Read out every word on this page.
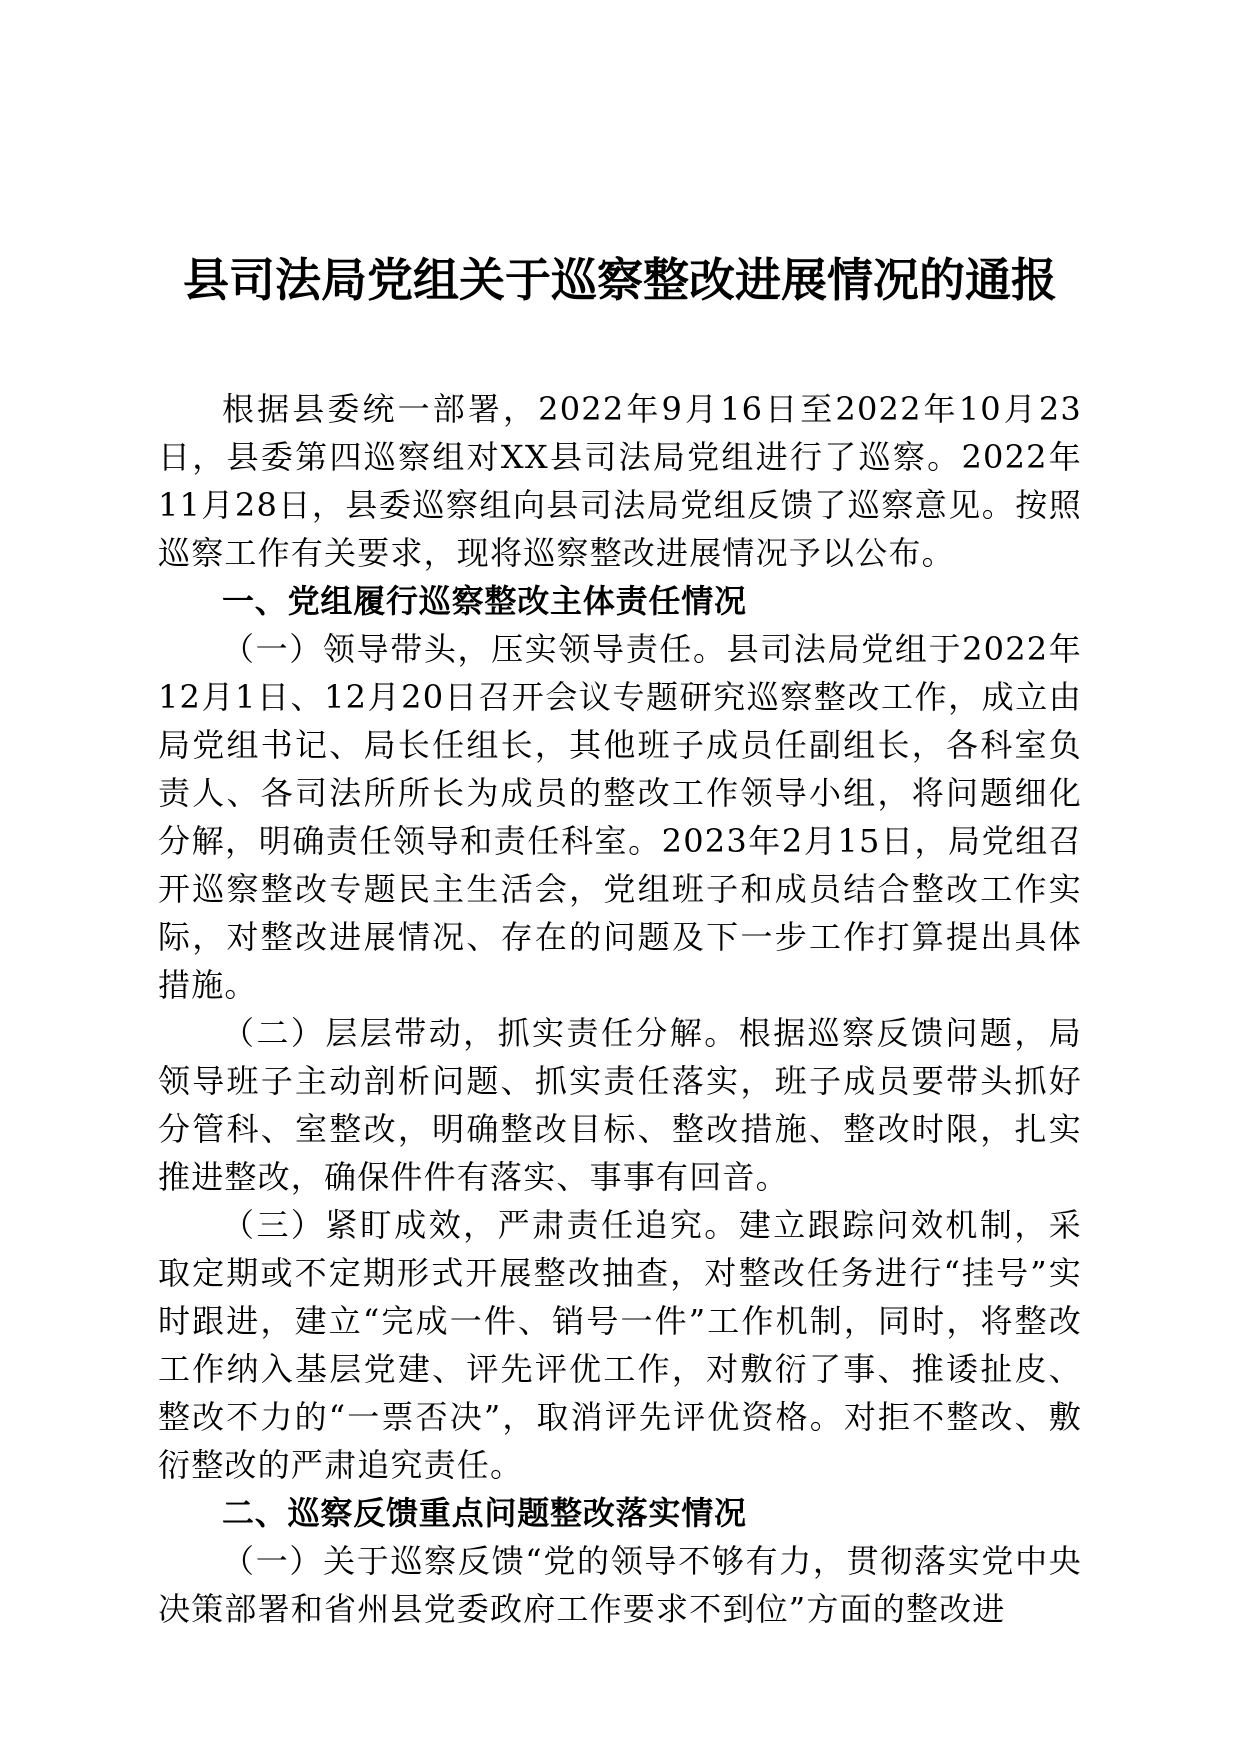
县司法局党组关于巡察整改进展情况的通报

根据县委统一部署，2022年9月16日至2022年10月23日，县委第四巡察组对XX县司法局党组进行了巡察。2022年11月28日，县委巡察组向县司法局党组反馈了巡察意见。按照巡察工作有关要求，现将巡察整改进展情况予以公布。

一、党组履行巡察整改主体责任情况

（一）领导带头，压实领导责任。县司法局党组于2022年12月1日、12月20日召开会议专题研究巡察整改工作，成立由局党组书记、局长任组长，其他班子成员任副组长，各科室负责人、各司法所所长为成员的整改工作领导小组，将问题细化分解，明确责任领导和责任科室。2023年2月15日，局党组召开巡察整改专题民主生活会，党组班子和成员结合整改工作实际，对整改进展情况、存在的问题及下一步工作打算提出具体措施。

（二）层层带动，抓实责任分解。根据巡察反馈问题，局领导班子主动剖析问题、抓实责任落实，班子成员要带头抓好分管科、室整改，明确整改目标、整改措施、整改时限，扎实推进整改，确保件件有落实、事事有回音。

（三）紧盯成效，严肃责任追究。建立跟踪问效机制，采取定期或不定期形式开展整改抽查，对整改任务进行“挂号”实时跟进，建立“完成一件、销号一件”工作机制，同时，将整改工作纳入基层党建、评先评优工作，对敷衍了事、推诿扯皮、整改不力的“一票否决”，取消评先评优资格。对拒不整改、敷衍整改的严肃追究责任。

二、巡察反馈重点问题整改落实情况

（一）关于巡察反馈“党的领导不够有力，贯彻落实党中央决策部署和省州县党委政府工作要求不到位”方面的整改进
